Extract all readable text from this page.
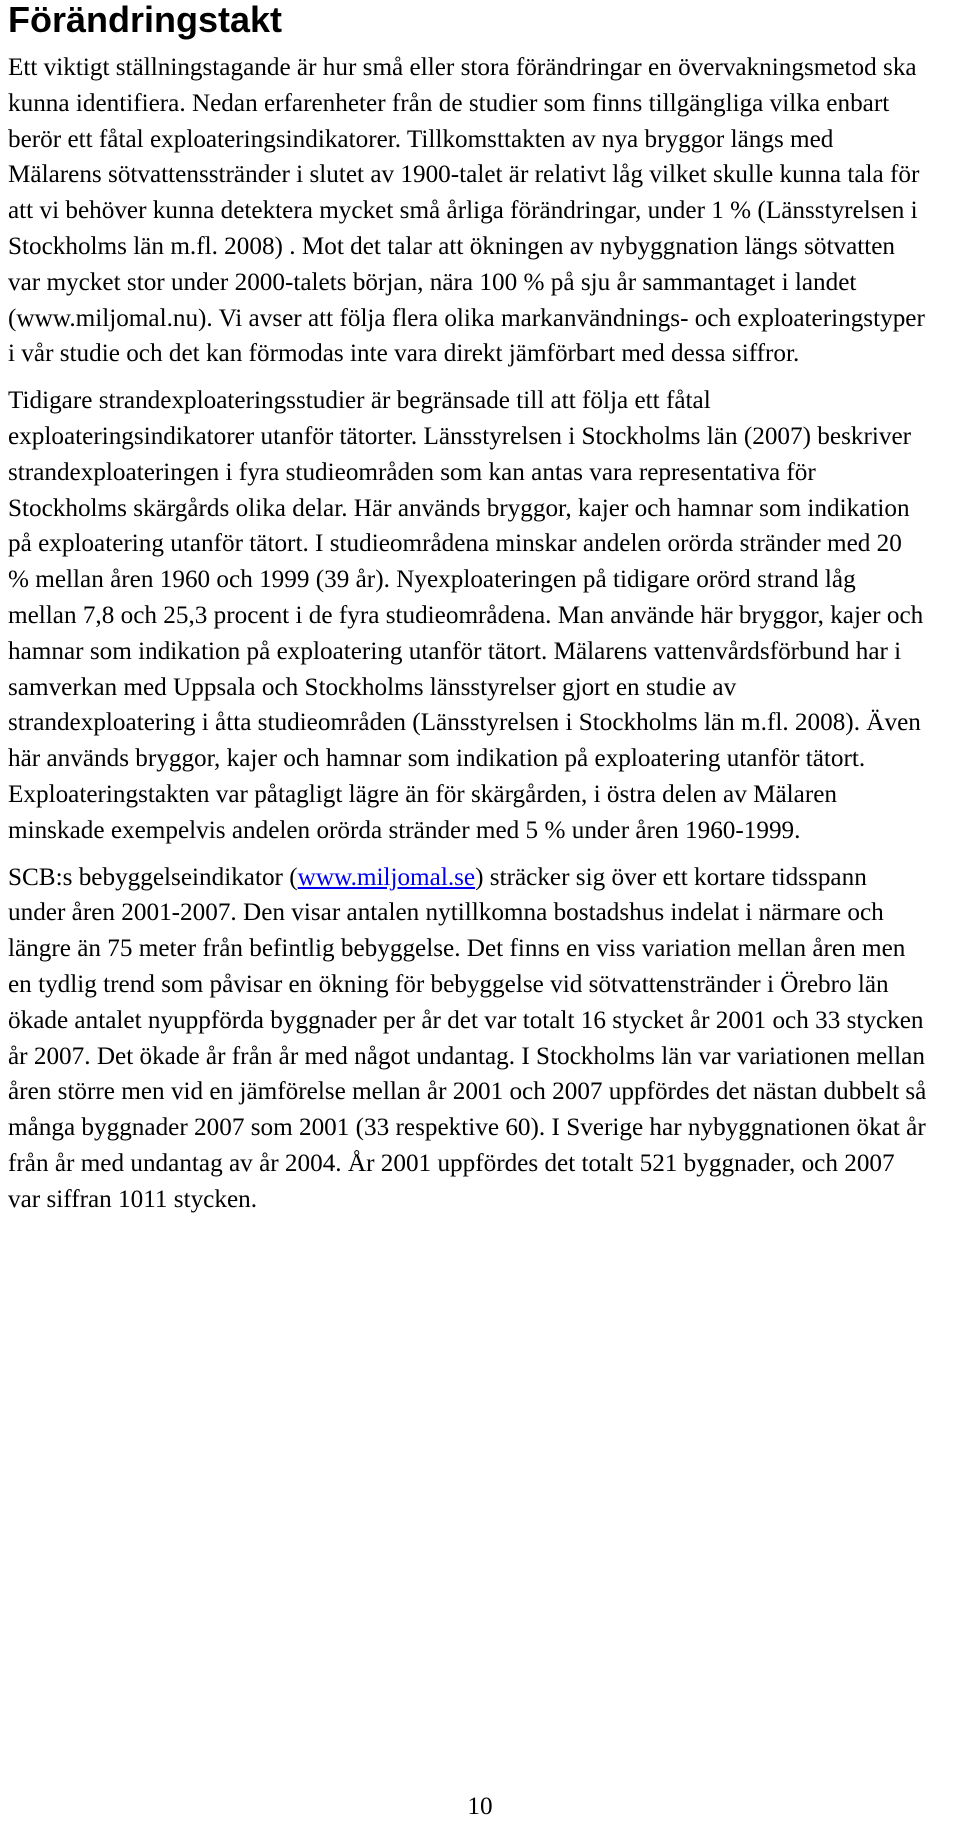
Förändringstakt

Ett viktigt ställningstagande är hur små eller stora förändringar en övervakningsmetod ska kunna identifiera. Nedan erfarenheter från de studier som finns tillgängliga vilka enbart berör ett fåtal exploateringsindikatorer. Tillkomsttakten av nya bryggor längs med Mälarens sötvattensstränder i slutet av 1900-talet är relativt låg vilket skulle kunna tala för att vi behöver kunna detektera mycket små årliga förändringar, under 1 % (Länsstyrelsen i Stockholms län m.fl. 2008) . Mot det talar att ökningen av nybyggnation längs sötvatten var mycket stor under 2000-talets början, nära 100 % på sju år sammantaget i landet (www.miljomal.nu). Vi avser att följa flera olika markanvändnings- och exploateringstyper i vår studie och det kan förmodas inte vara direkt jämförbart med dessa siffror.

Tidigare strandexploateringsstudier är begränsade till att följa ett fåtal exploateringsindikatorer utanför tätorter. Länsstyrelsen i Stockholms län (2007) beskriver strandexploateringen i fyra studieområden som kan antas vara representativa för Stockholms skärgårds olika delar. Här används bryggor, kajer och hamnar som indikation på exploatering utanför tätort. I studieområdena minskar andelen orörda stränder med 20 % mellan åren 1960 och 1999 (39 år). Nyexploateringen på tidigare orörd strand låg mellan 7,8 och 25,3 procent i de fyra studieområdena. Man använde här bryggor, kajer och hamnar som indikation på exploatering utanför tätort. Mälarens vattenvårdsförbund har i samverkan med Uppsala och Stockholms länsstyrelser gjort en studie av strandexploatering i åtta studieområden (Länsstyrelsen i Stockholms län m.fl. 2008). Även här används bryggor, kajer och hamnar som indikation på exploatering utanför tätort. Exploateringstakten var påtagligt lägre än för skärgården, i östra delen av Mälaren minskade exempelvis andelen orörda stränder med 5 % under åren 1960-1999.

SCB:s bebyggelseindikator (www.miljomal.se) sträcker sig över ett kortare tidsspann under åren 2001-2007. Den visar antalen nytillkomna bostadshus indelat i närmare och längre än 75 meter från befintlig bebyggelse. Det finns en viss variation mellan åren men en tydlig trend som påvisar en ökning för bebyggelse vid sötvattenstränder i Örebro län ökade antalet nyuppförda byggnader per år det var totalt 16 stycket år 2001 och 33 stycken år 2007. Det ökade år från år med något undantag. I Stockholms län var variationen mellan åren större men vid en jämförelse mellan år 2001 och 2007 uppfördes det nästan dubbelt så många byggnader 2007 som 2001 (33 respektive 60). I Sverige har nybyggnationen ökat år från år med undantag av år 2004. År 2001 uppfördes det totalt 521 byggnader, och 2007 var siffran 1011 stycken.

10
